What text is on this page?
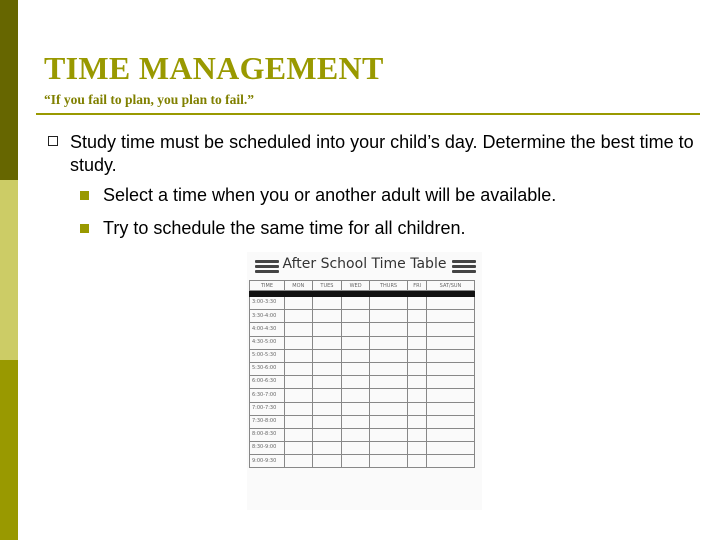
TIME MANAGEMENT
“If you fail to plan, you plan to fail.”
Study time must be scheduled into your child’s day. Determine the best time to study.
Select a time when you or another adult will be available.
Try to schedule the same time for all children.
After School Time Table
TIME	MON	TUES	WED	THURS	FRI	SAT/SUN

3:00-3:30						
3:30-4:00						
4:00-4:30						
4:30-5:00						
5:00-5:30						
5:30-6:00						
6:00-6:30						
6:30-7:00						
7:00-7:30						
7:30-8:00						
8:00-8:30						
8:30-9:00						
9:00-9:30						
